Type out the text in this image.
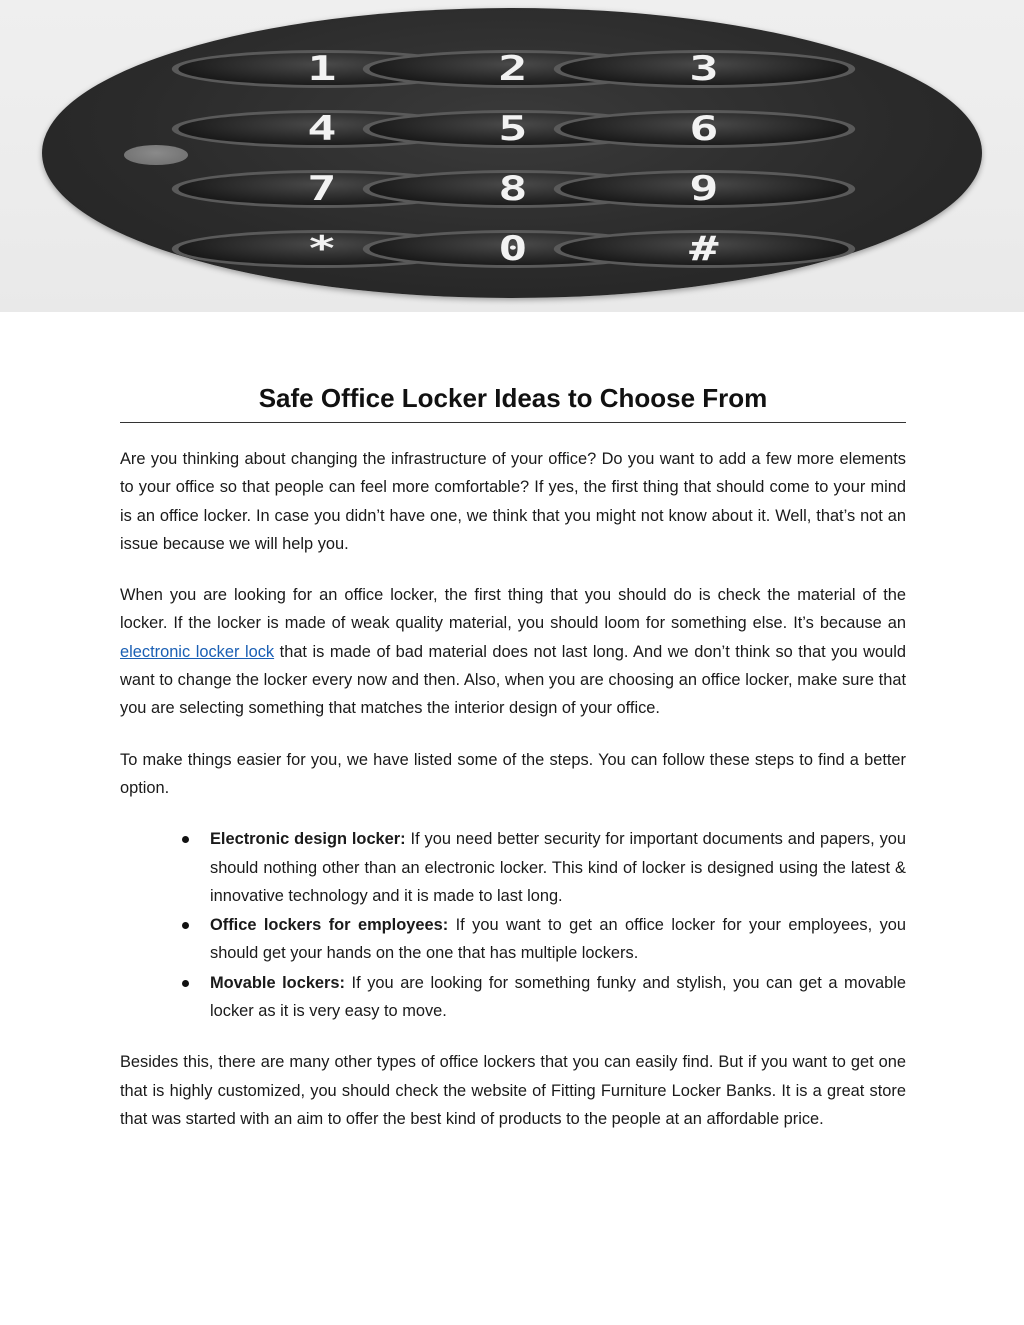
1	2	3
4	5	6
7	8	9
*	0	#
Safe Office Locker Ideas to Choose From

Are you thinking about changing the infrastructure of your office? Do you want to add a few more elements to your office so that people can feel more comfortable? If yes, the first thing that should come to your mind is an office locker. In case you didn’t have one, we think that you might not know about it. Well, that’s not an issue because we will help you.

When you are looking for an office locker, the first thing that you should do is check the material of the locker. If the locker is made of weak quality material, you should loom for something else. It’s because an electronic locker lock that is made of bad material does not last long. And we don’t think so that you would want to change the locker every now and then. Also, when you are choosing an office locker, make sure that you are selecting something that matches the interior design of your office.

To make things easier for you, we have listed some of the steps. You can follow these steps to find a better option.

Electronic design locker: If you need better security for important documents and papers, you should nothing other than an electronic locker. This kind of locker is designed using the latest & innovative technology and it is made to last long.
Office lockers for employees: If you want to get an office locker for your employees, you should get your hands on the one that has multiple lockers.
Movable lockers: If you are looking for something funky and stylish, you can get a movable locker as it is very easy to move.

Besides this, there are many other types of office lockers that you can easily find. But if you want to get one that is highly customized, you should check the website of Fitting Furniture Locker Banks. It is a great store that was started with an aim to offer the best kind of products to the people at an affordable price.
